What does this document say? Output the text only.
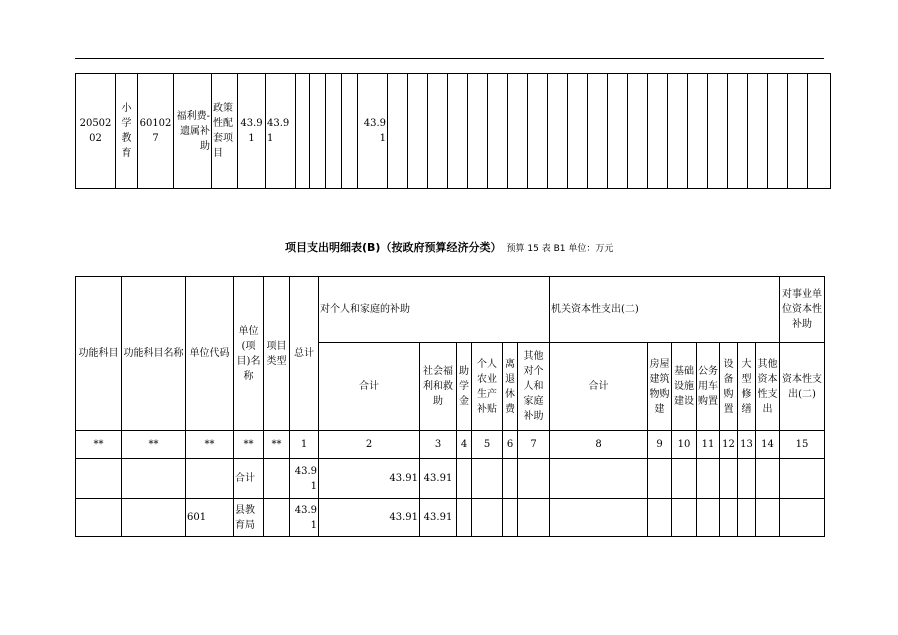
2050202	小学教育	601027	福利费-遗属补助	政策性配套项目	43.91	43.91					43.91																						
项目支出明细表(B)（按政府预算经济分类） 预算 15 表 B1 单位：万元
功能科目	功能科目名称	单位代码	单位(项目)名称	项目类型	总计	对个人和家庭的补助						机关资本性支出(二)							对事业单位资本性补助
						合计	社会福利和救助	助学金	个人农业生产补贴	离退休费	其他对个人和家庭补助	合计	房屋建筑物购建	基础设施建设	公务用车购置	设备购置	大型修缮	其他资本性支出	资本性支出(二)
**	**	**	**	**	1	2	3	4	5	6	7	8	9	10	11	12	13	14	15
			合计		43.91	43.91	43.91												
		601	县教育局		43.91	43.91	43.91												
